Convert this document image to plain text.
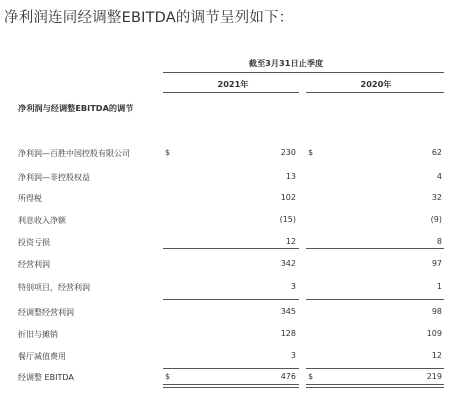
净利润连同经调整EBITDA的调节呈列如下：
截至3月31日止季度
2021年	2020年
净利润与经调整EBITDA的调节
净利润—百胜中国控股有限公司	$	230 $	62
净利润—非控股权益	13	4
所得税	102	32
利息收入净额	(15)	(9)
投资亏损	12	8
经营利润	342	97
特别项目，经营利润	3	1
经调整经营利润	345	98
折旧与摊销	128	109
餐厅减值费用	3	12
经调整 EBITDA	$	476 $	219
